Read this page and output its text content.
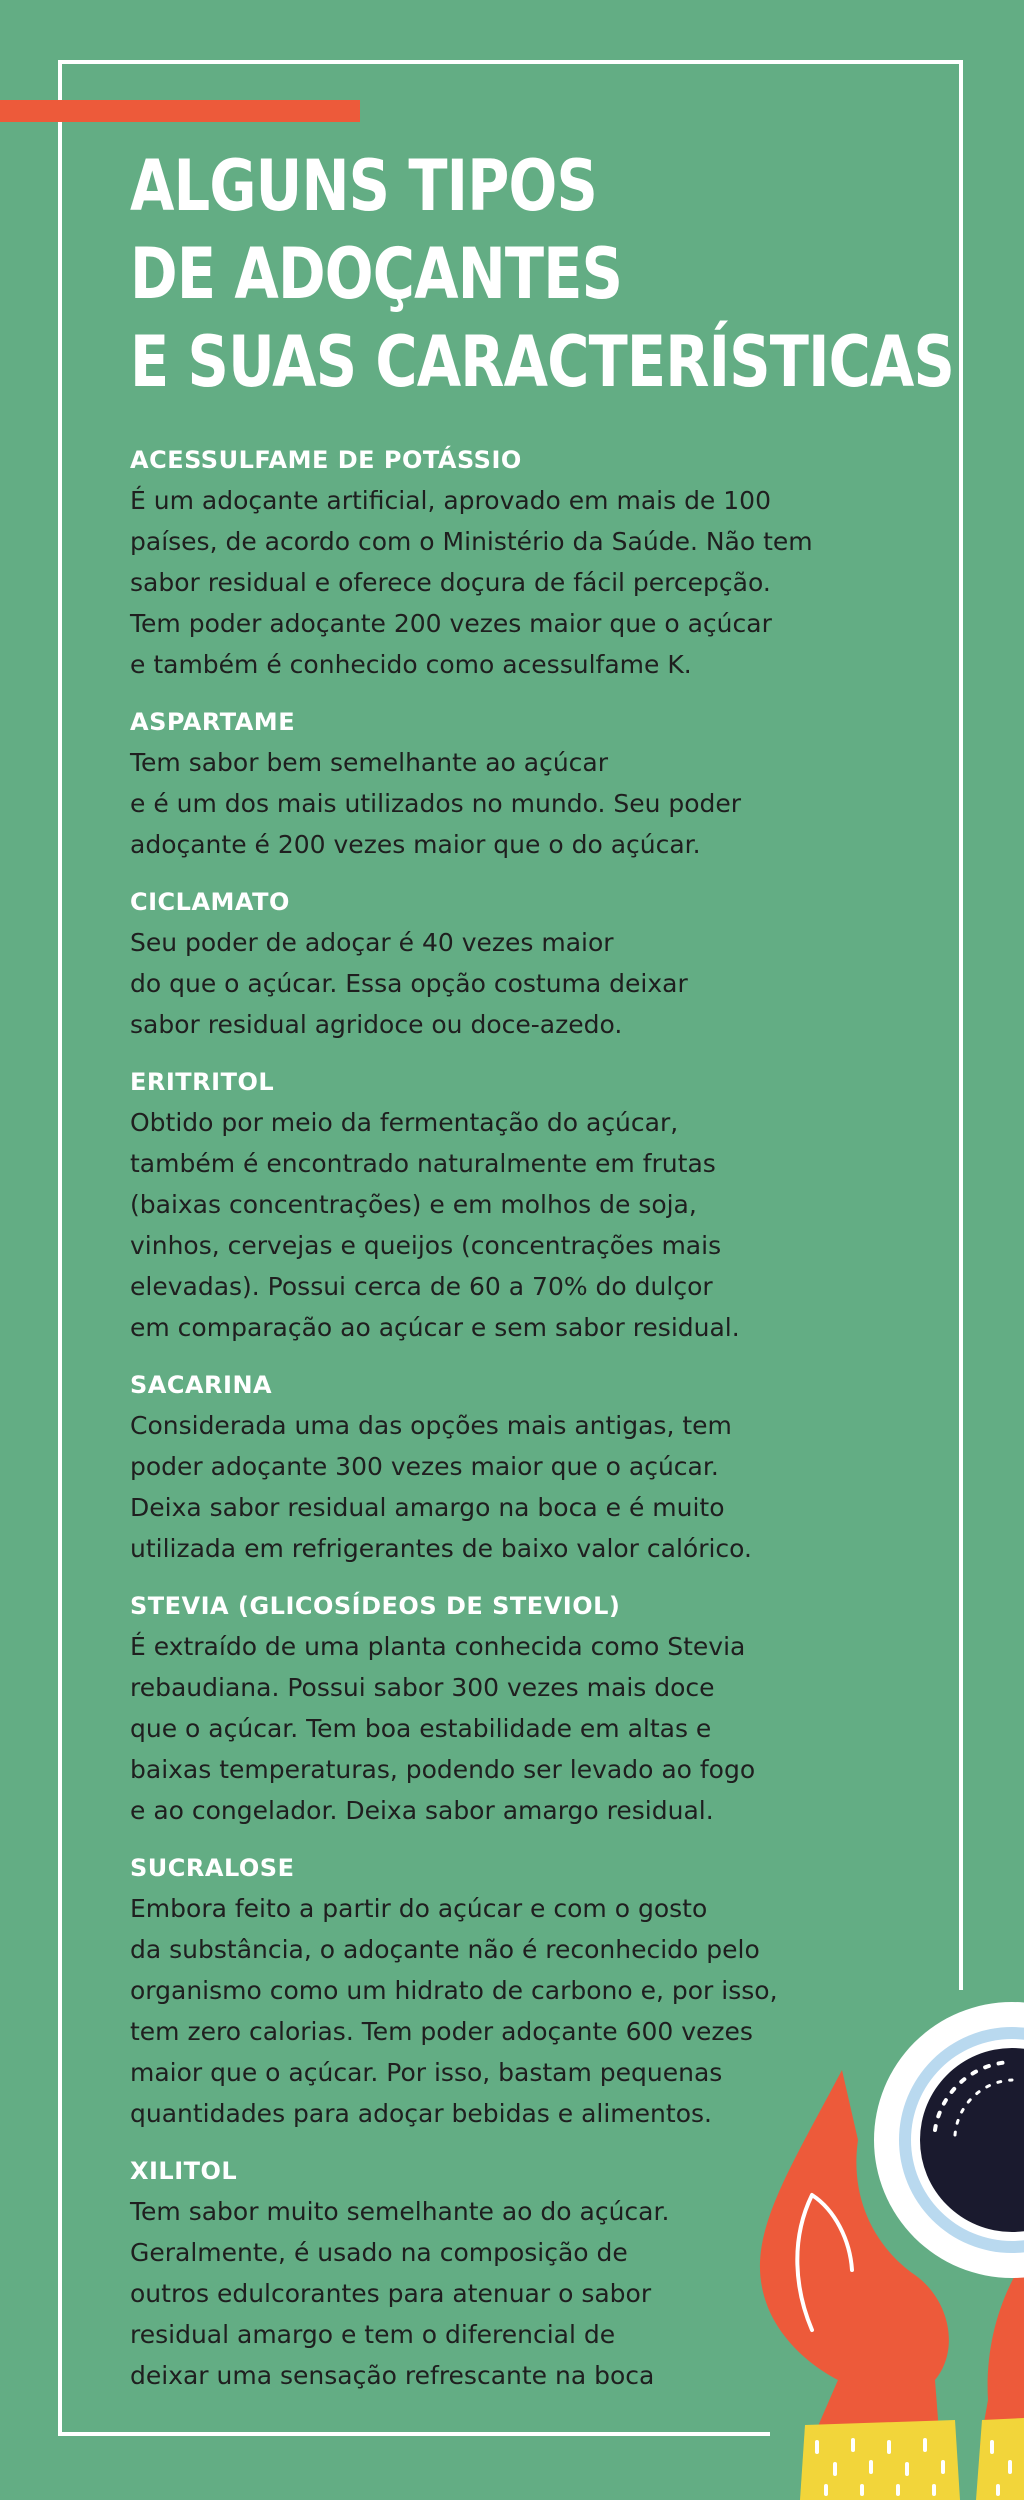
ALGUNS TIPOS
DE ADOÇANTES
E SUAS CARACTERÍSTICAS
ACESSULFAME DE POTÁSSIO

É um adoçante artificial, aprovado em mais de 100
países, de acordo com o Ministério da Saúde. Não tem
sabor residual e oferece doçura de fácil percepção.
Tem poder adoçante 200 vezes maior que o açúcar
e também é conhecido como acessulfame K.

ASPARTAME

Tem sabor bem semelhante ao açúcar
e é um dos mais utilizados no mundo. Seu poder
adoçante é 200 vezes maior que o do açúcar.

CICLAMATO

Seu poder de adoçar é 40 vezes maior
do que o açúcar. Essa opção costuma deixar
sabor residual agridoce ou doce-azedo.

ERITRITOL

Obtido por meio da fermentação do açúcar,
também é encontrado naturalmente em frutas
(baixas concentrações) e em molhos de soja,
vinhos, cervejas e queijos (concentrações mais
elevadas). Possui cerca de 60 a 70% do dulçor
em comparação ao açúcar e sem sabor residual.

SACARINA

Considerada uma das opções mais antigas, tem
poder adoçante 300 vezes maior que o açúcar.
Deixa sabor residual amargo na boca e é muito
utilizada em refrigerantes de baixo valor calórico.

STEVIA (GLICOSÍDEOS DE STEVIOL)

É extraído de uma planta conhecida como Stevia
rebaudiana. Possui sabor 300 vezes mais doce
que o açúcar. Tem boa estabilidade em altas e
baixas temperaturas, podendo ser levado ao fogo
e ao congelador. Deixa sabor amargo residual.

SUCRALOSE

Embora feito a partir do açúcar e com o gosto
da substância, o adoçante não é reconhecido pelo
organismo como um hidrato de carbono e, por isso,
tem zero calorias. Tem poder adoçante 600 vezes
maior que o açúcar. Por isso, bastam pequenas
quantidades para adoçar bebidas e alimentos.

XILITOL

Tem sabor muito semelhante ao do açúcar.
Geralmente, é usado na composição de
outros edulcorantes para atenuar o sabor
residual amargo e tem o diferencial de
deixar uma sensação refrescante na boca
